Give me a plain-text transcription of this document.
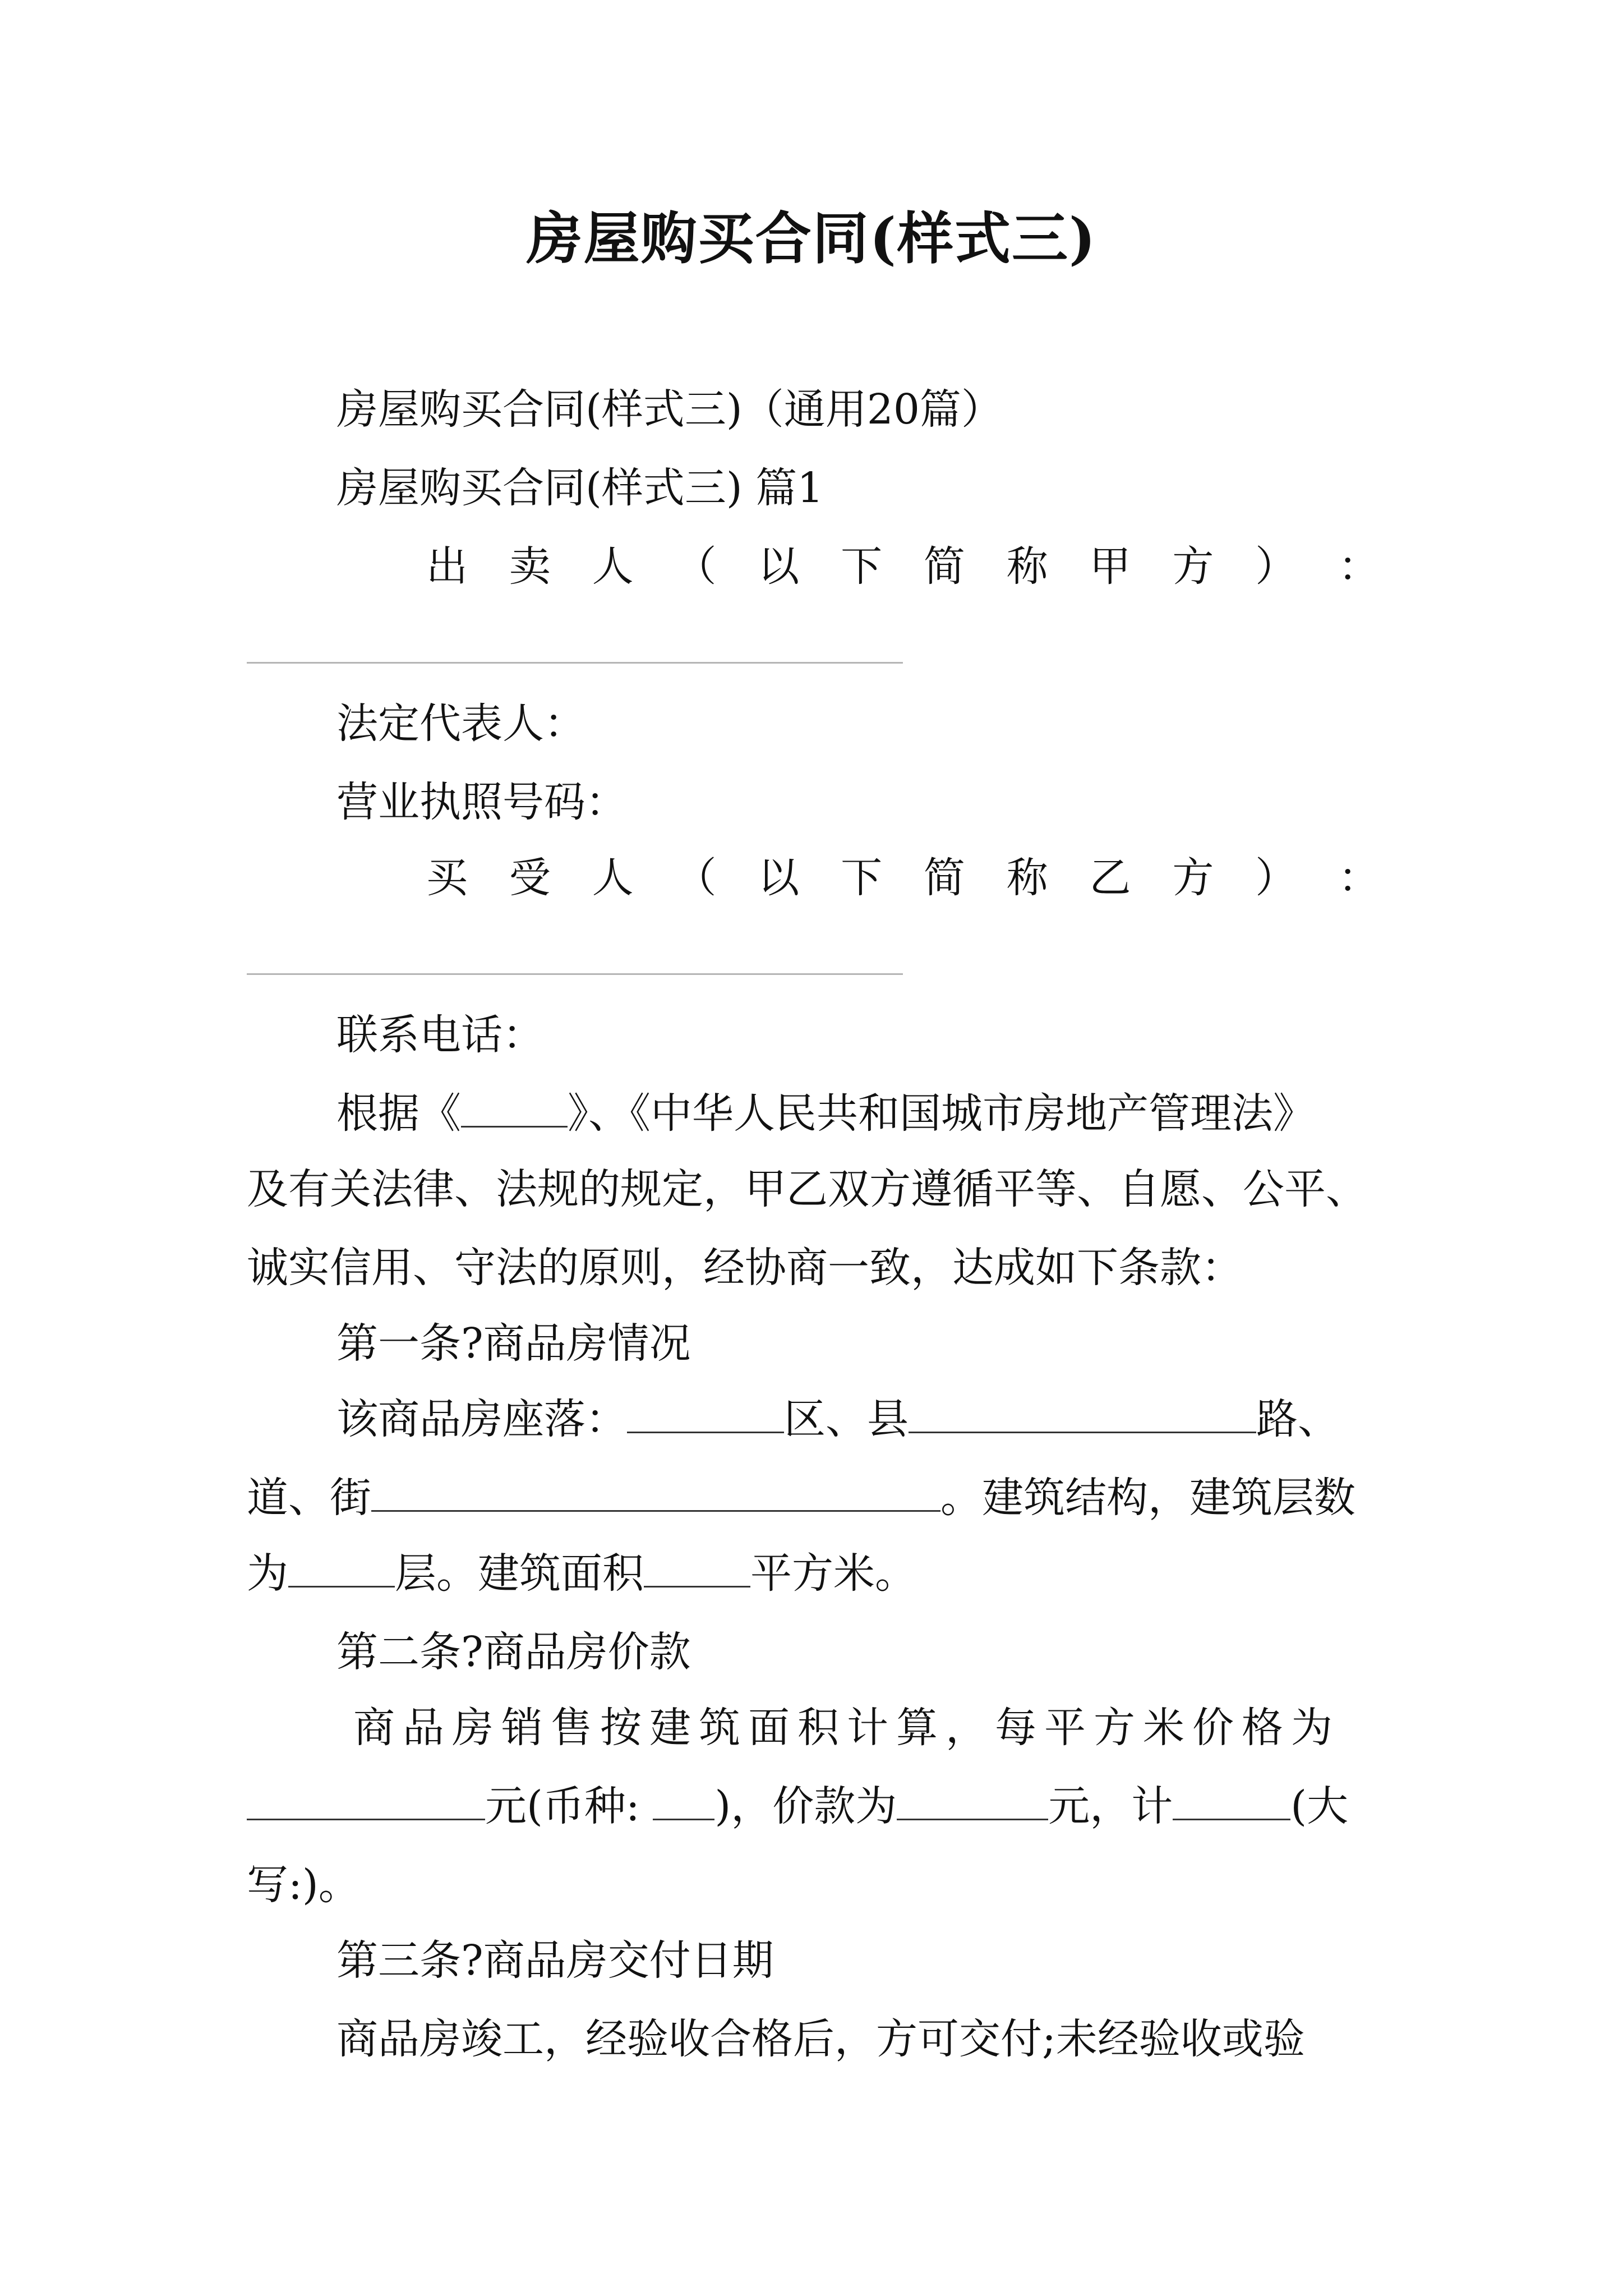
房屋购买合同(样式三)
房屋购买合同(样式三)（通用20篇）
房屋购买合同(样式三) 篇1
出 卖 人 （ 以 下 简 称 甲 方 ） ：
法定代表人：
营业执照号码：
买 受 人 （ 以 下 简 称 乙 方 ） ：
联系电话：
根据《	》、《中华人民共和国城市房地产管理法》
及有关法律、法规的规定，甲乙双方遵循平等、自愿、公平、
诚实信用、守法的原则，经协商一致，达成如下条款：
第一条?商品房情况
该商品房座落：	区、县	路、
道、街	。建筑结构，建筑层数
为	层。建筑面积	平方米。
第二条?商品房价款
商品房销售按建筑面积计算，每平方米价格为
元(币种: )，价款为	元，计	(大
写:)。
第三条?商品房交付日期
商品房竣工，经验收合格后，方可交付;未经验收或验
